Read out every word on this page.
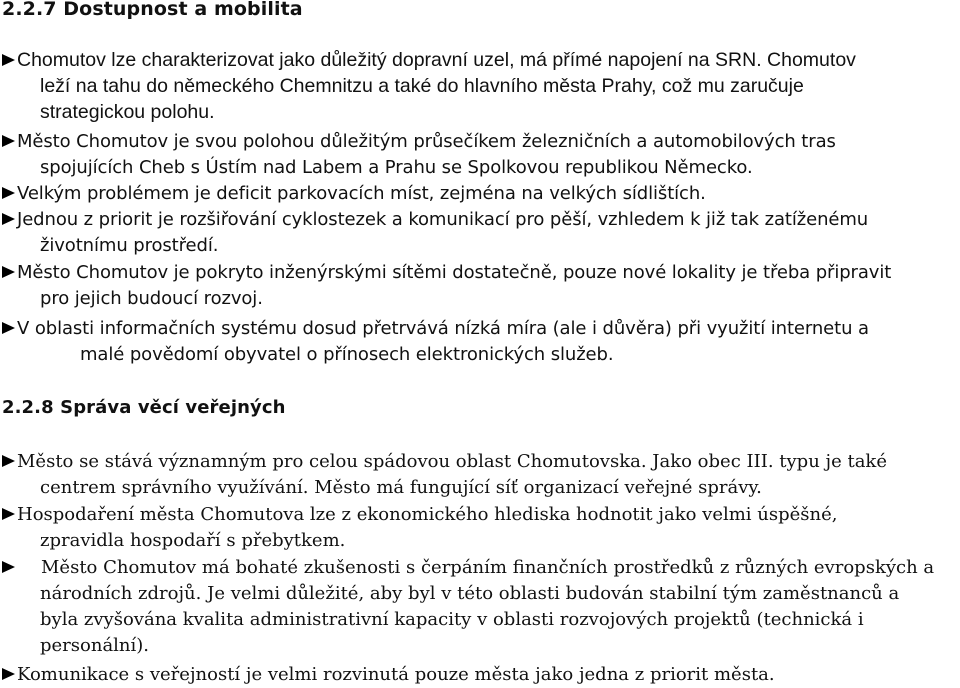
2.2.7 Dostupnost a mobilita
Chomutov lze charakterizovat jako důležitý dopravní uzel, má přímé napojení na SRN. Chomutov
leží na tahu do německého Chemnitzu a také do hlavního města Prahy, což mu zaručuje
strategickou polohu.
Město Chomutov je svou polohou důležitým průsečíkem železničních a automobilových tras
spojujících Cheb s Ústím nad Labem a Prahu se Spolkovou republikou Německo.
Velkým problémem je deficit parkovacích míst, zejména na velkých sídlištích.
Jednou z priorit je rozšiřování cyklostezek a komunikací pro pěší, vzhledem k již tak zatíženému
životnímu prostředí.
Město Chomutov je pokryto inženýrskými sítěmi dostatečně, pouze nové lokality je třeba připravit
pro jejich budoucí rozvoj.
V oblasti informačních systému dosud přetrvává nízká míra (ale i důvěra) při využití internetu a
malé povědomí obyvatel o přínosech elektronických služeb.
2.2.8 Správa věcí veřejných
Město se stává významným pro celou spádovou oblast Chomutovska. Jako obec III. typu je také
centrem správního využívání. Město má fungující síť organizací veřejné správy.
Hospodaření města Chomutova lze z ekonomického hlediska hodnotit jako velmi úspěšné,
zpravidla hospodaří s přebytkem.
Město Chomutov má bohaté zkušenosti s čerpáním finančních prostředků z různých evropských a
národních zdrojů. Je velmi důležité, aby byl v této oblasti budován stabilní tým zaměstnanců a
byla zvyšována kvalita administrativní kapacity v oblasti rozvojových projektů (technická i
personální).
Komunikace s veřejností je velmi rozvinutá pouze města jako jedna z priorit města.
